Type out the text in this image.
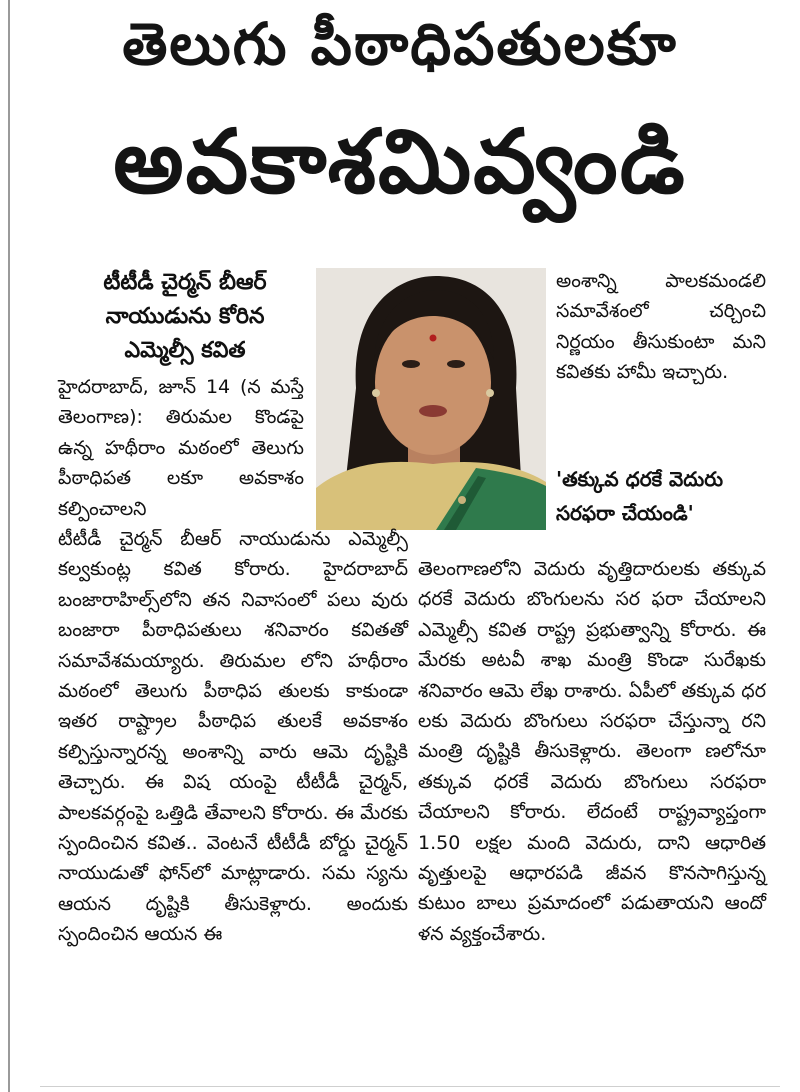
తెలుగు పీఠాధిపతులకూ
అవకాశమివ్వండి
టీటీడీ చైర్మన్ బీఆర్
నాయుడును కోరిన
ఎమ్మెల్సీ కవిత
హైదరాబాద్, జూన్ 14 (న మస్తే తెలంగాణ): తిరుమల కొండపై ఉన్న హథీరాం మఠంలో తెలుగు పీఠాధిపత లకూ అవకాశం కల్పించాలని
టీటీడీ చైర్మన్ బీఆర్ నాయుడును ఎమ్మెల్సీ కల్వకుంట్ల కవిత కోరారు. హైదరాబాద్ బంజారాహిల్స్‌లోని తన నివాసంలో పలు వురు బంజారా పీఠాధిపతులు శనివారం కవితతో సమావేశమయ్యారు. తిరుమల లోని హథీరాం మఠంలో తెలుగు పీఠాధిప తులకు కాకుండా ఇతర రాష్ట్రాల పీఠాధిప తులకే అవకాశం కల్పిస్తున్నారన్న అంశాన్ని వారు ఆమె దృష్టికి తెచ్చారు. ఈ విష యంపై టీటీడీ చైర్మన్, పాలకవర్గంపై ఒత్తిడి తేవాలని కోరారు. ఈ మేరకు స్పందించిన కవిత.. వెంటనే టీటీడీ బోర్డు చైర్మన్ నాయుడుతో ఫోన్‌లో మాట్లాడారు. సమ స్యను ఆయన దృష్టికి తీసుకెళ్లారు. అందుకు స్పందించిన ఆయన ఈ
అంశాన్ని పాలకమండలి సమావేశంలో చర్చించి నిర్ణయం తీసుకుంటా మని కవితకు హామీ ఇచ్చారు.
'తక్కువ ధరకే వెదురు సరఫరా చేయండి'
తెలంగాణలోని వెదురు వృత్తిదారులకు తక్కువ ధరకే వెదురు బొంగులను సర ఫరా చేయాలని ఎమ్మెల్సీ కవిత రాష్ట్ర ప్రభుత్వాన్ని కోరారు. ఈ మేరకు అటవీ శాఖ మంత్రి కొండా సురేఖకు శనివారం ఆమె లేఖ రాశారు. ఏపీలో తక్కువ ధర లకు వెదురు బొంగులు సరఫరా చేస్తున్నా రని మంత్రి దృష్టికి తీసుకెళ్లారు. తెలంగా ణలోనూ తక్కువ ధరకే వెదురు బొంగులు సరఫరా చేయాలని కోరారు. లేదంటే రాష్ట్రవ్యాప్తంగా 1.50 లక్షల మంది వెదురు, దాని ఆధారిత వృత్తులపై ఆధారపడి జీవన కొనసాగిస్తున్న కుటుం బాలు ప్రమాదంలో పడుతాయని ఆందో ళన వ్యక్తంచేశారు.
